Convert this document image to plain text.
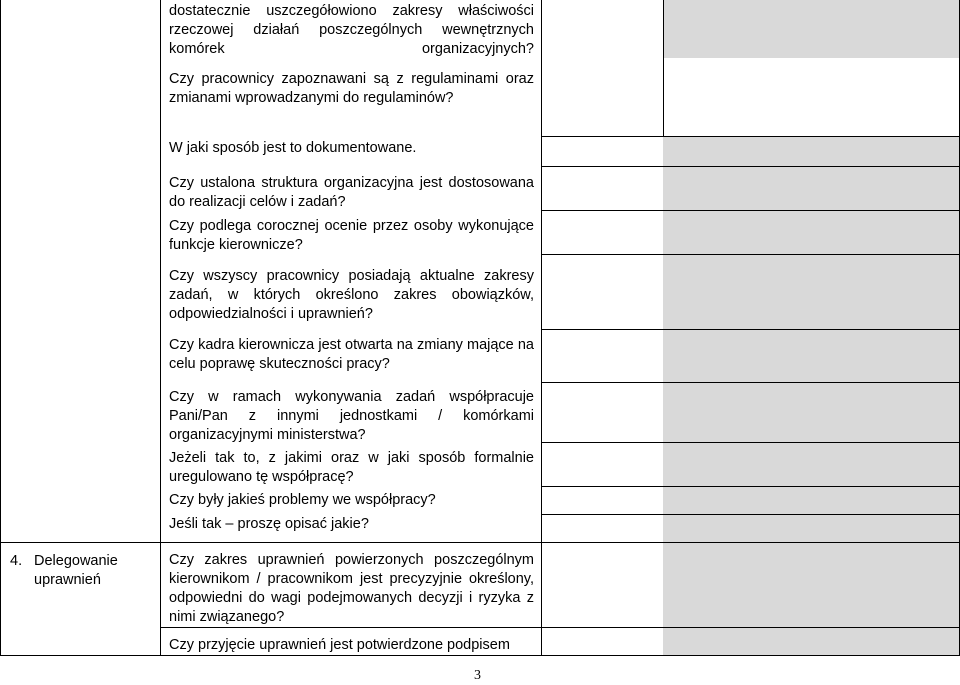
dostatecznie uszczegółowiono zakresy właściwości rzeczowej działań poszczególnych wewnętrznych komórek organizacyjnych?

Czy pracownicy zapoznawani są z regulaminami oraz zmianami wprowadzanymi do regulaminów?

W jaki sposób jest to dokumentowane.

Czy ustalona struktura organizacyjna jest dostosowana do realizacji celów i zadań?

Czy podlega corocznej ocenie przez osoby wykonujące funkcje kierownicze?

Czy wszyscy pracownicy posiadają aktualne zakresy zadań, w których określono zakres obowiązków, odpowiedzialności i uprawnień?

Czy kadra kierownicza jest otwarta na zmiany mające na celu poprawę skuteczności pracy?

Czy w ramach wykonywania zadań współpracuje Pani/Pan z innymi jednostkami / komórkami organizacyjnymi ministerstwa?

Jeżeli tak to, z jakimi oraz w jaki sposób formalnie uregulowano tę współpracę?

Czy były jakieś problemy we współpracy?

Jeśli tak – proszę opisać jakie?

Czy zakres uprawnień powierzonych poszczególnym kierownikom / pracownikom jest precyzyjnie określony, odpowiedni do wagi podejmowanych decyzji i ryzyka z nimi związanego?

Czy przyjęcie uprawnień jest potwierdzone podpisem

4. Delegowanie
uprawnień
3
